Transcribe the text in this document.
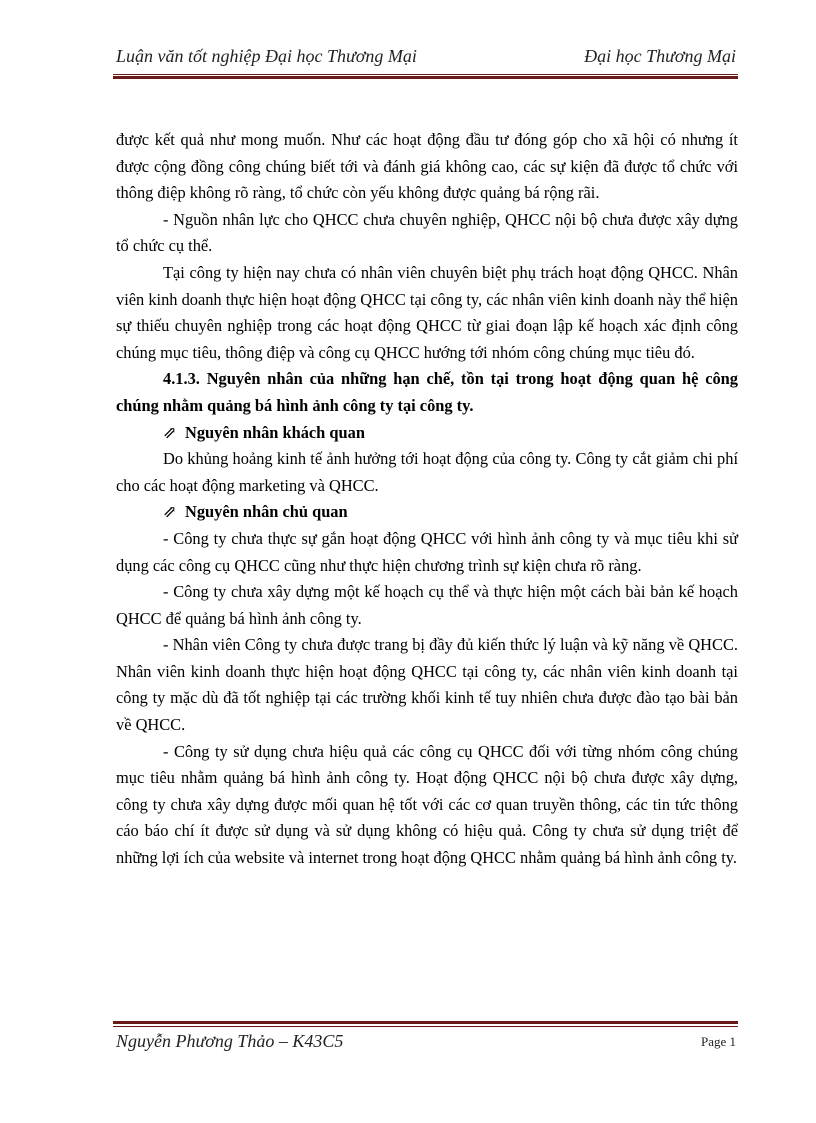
Luận văn tốt nghiệp Đại học Thương Mại	Đại học Thương Mại

được kết quả như mong muốn. Như các hoạt động đầu tư đóng góp cho xã hội có nhưng ít được cộng đồng công chúng biết tới và đánh giá không cao, các sự kiện đã được tổ chức với thông điệp không rõ ràng, tổ chức còn yếu không được quảng bá rộng rãi.

- Nguồn nhân lực cho QHCC chưa chuyên nghiệp, QHCC nội bộ chưa được xây dựng tổ chức cụ thể.

Tại công ty hiện nay chưa có nhân viên chuyên biệt phụ trách hoạt động QHCC. Nhân viên kinh doanh thực hiện hoạt động QHCC tại công ty, các nhân viên kinh doanh này thể hiện sự thiếu chuyên nghiệp trong các hoạt động QHCC từ giai đoạn lập kế hoạch xác định công chúng mục tiêu, thông điệp và công cụ QHCC hướng tới nhóm công chúng mục tiêu đó.

4.1.3. Nguyên nhân của những hạn chế, tồn tại trong hoạt động quan hệ công chúng nhằm quảng bá hình ảnh công ty tại công ty.

⇗ Nguyên nhân khách quan

Do khủng hoảng kinh tế ảnh hưởng tới hoạt động của công ty. Công ty cắt giảm chi phí cho các hoạt động marketing và QHCC.

⇗ Nguyên nhân chủ quan

- Công ty chưa thực sự gắn hoạt động QHCC với hình ảnh công ty và mục tiêu khi sử dụng các công cụ QHCC cũng như thực hiện chương trình sự kiện chưa rõ ràng.

- Công ty chưa xây dựng một kế hoạch cụ thể và thực hiện một cách bài bản kế hoạch QHCC để quảng bá hình ảnh công ty.

- Nhân viên Công ty chưa được trang bị đầy đủ kiến thức lý luận và kỹ năng về QHCC. Nhân viên kinh doanh thực hiện hoạt động QHCC tại công ty, các nhân viên kinh doanh tại công ty mặc dù đã tốt nghiệp tại các trường khối kinh tế tuy nhiên chưa được đào tạo bài bản về QHCC.

- Công ty sử dụng chưa hiệu quả các công cụ QHCC đối với từng nhóm công chúng mục tiêu nhằm quảng bá hình ảnh công ty. Hoạt động QHCC nội bộ chưa được xây dựng, công ty chưa xây dựng được mối quan hệ tốt với các cơ quan truyền thông, các tin tức thông cáo báo chí ít được sử dụng và sử dụng không có hiệu quả. Công ty chưa sử dụng triệt để những lợi ích của website và internet trong hoạt động QHCC nhằm quảng bá hình ảnh công ty.

Nguyễn Phương Thảo – K43C5	Page 1
